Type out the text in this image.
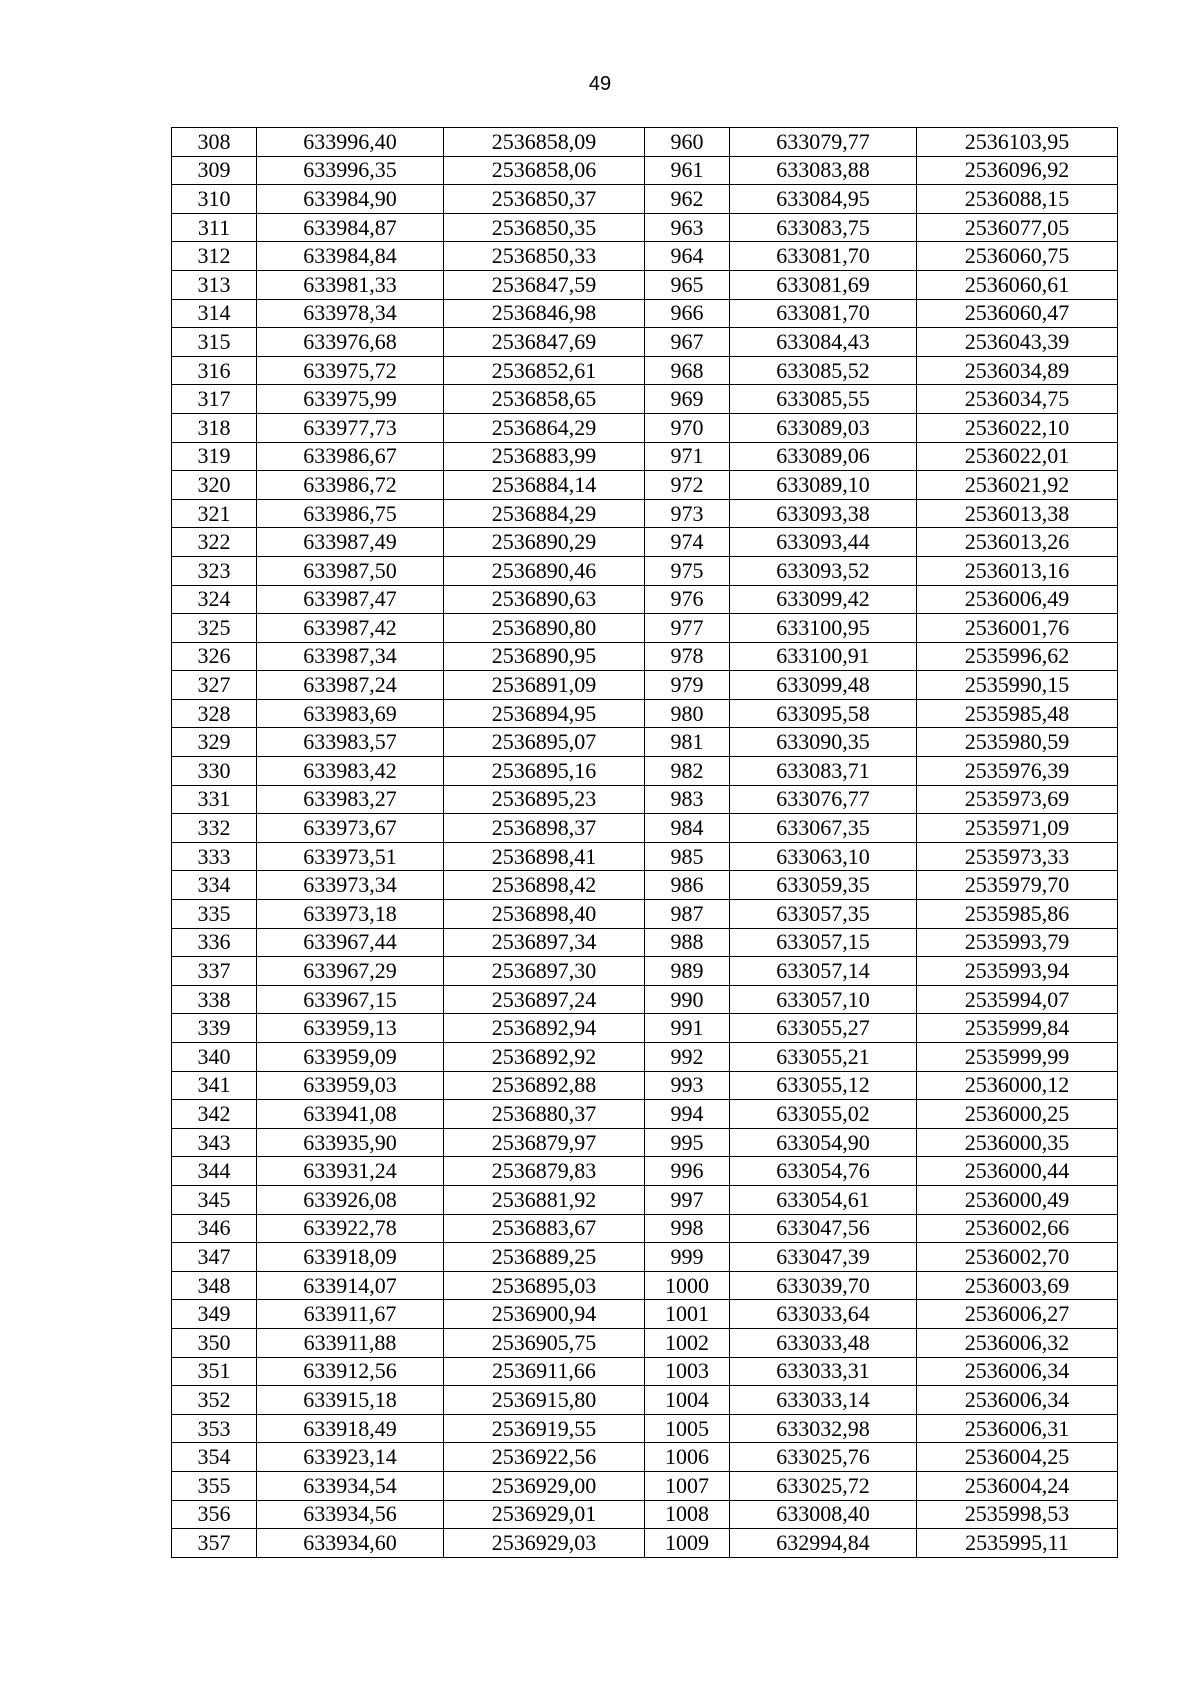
49
308	633996,40	2536858,09	960	633079,77	2536103,95
309	633996,35	2536858,06	961	633083,88	2536096,92
310	633984,90	2536850,37	962	633084,95	2536088,15
311	633984,87	2536850,35	963	633083,75	2536077,05
312	633984,84	2536850,33	964	633081,70	2536060,75
313	633981,33	2536847,59	965	633081,69	2536060,61
314	633978,34	2536846,98	966	633081,70	2536060,47
315	633976,68	2536847,69	967	633084,43	2536043,39
316	633975,72	2536852,61	968	633085,52	2536034,89
317	633975,99	2536858,65	969	633085,55	2536034,75
318	633977,73	2536864,29	970	633089,03	2536022,10
319	633986,67	2536883,99	971	633089,06	2536022,01
320	633986,72	2536884,14	972	633089,10	2536021,92
321	633986,75	2536884,29	973	633093,38	2536013,38
322	633987,49	2536890,29	974	633093,44	2536013,26
323	633987,50	2536890,46	975	633093,52	2536013,16
324	633987,47	2536890,63	976	633099,42	2536006,49
325	633987,42	2536890,80	977	633100,95	2536001,76
326	633987,34	2536890,95	978	633100,91	2535996,62
327	633987,24	2536891,09	979	633099,48	2535990,15
328	633983,69	2536894,95	980	633095,58	2535985,48
329	633983,57	2536895,07	981	633090,35	2535980,59
330	633983,42	2536895,16	982	633083,71	2535976,39
331	633983,27	2536895,23	983	633076,77	2535973,69
332	633973,67	2536898,37	984	633067,35	2535971,09
333	633973,51	2536898,41	985	633063,10	2535973,33
334	633973,34	2536898,42	986	633059,35	2535979,70
335	633973,18	2536898,40	987	633057,35	2535985,86
336	633967,44	2536897,34	988	633057,15	2535993,79
337	633967,29	2536897,30	989	633057,14	2535993,94
338	633967,15	2536897,24	990	633057,10	2535994,07
339	633959,13	2536892,94	991	633055,27	2535999,84
340	633959,09	2536892,92	992	633055,21	2535999,99
341	633959,03	2536892,88	993	633055,12	2536000,12
342	633941,08	2536880,37	994	633055,02	2536000,25
343	633935,90	2536879,97	995	633054,90	2536000,35
344	633931,24	2536879,83	996	633054,76	2536000,44
345	633926,08	2536881,92	997	633054,61	2536000,49
346	633922,78	2536883,67	998	633047,56	2536002,66
347	633918,09	2536889,25	999	633047,39	2536002,70
348	633914,07	2536895,03	1000	633039,70	2536003,69
349	633911,67	2536900,94	1001	633033,64	2536006,27
350	633911,88	2536905,75	1002	633033,48	2536006,32
351	633912,56	2536911,66	1003	633033,31	2536006,34
352	633915,18	2536915,80	1004	633033,14	2536006,34
353	633918,49	2536919,55	1005	633032,98	2536006,31
354	633923,14	2536922,56	1006	633025,76	2536004,25
355	633934,54	2536929,00	1007	633025,72	2536004,24
356	633934,56	2536929,01	1008	633008,40	2535998,53
357	633934,60	2536929,03	1009	632994,84	2535995,11
